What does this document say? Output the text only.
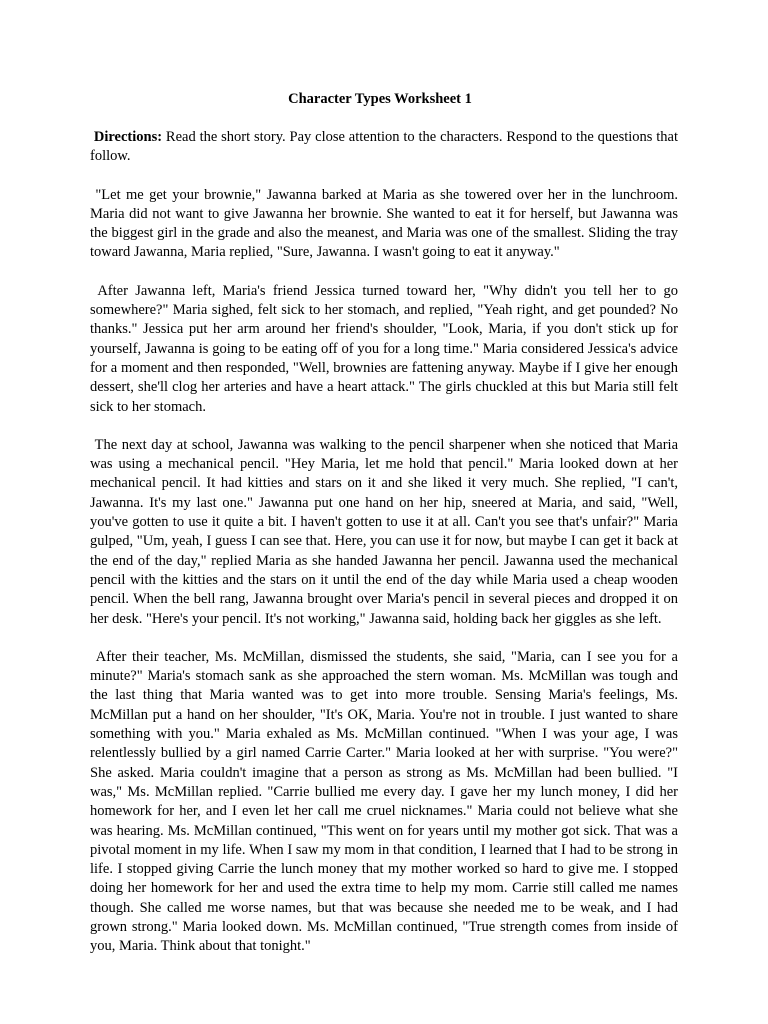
Character Types Worksheet 1
Directions: Read the short story. Pay close attention to the characters. Respond to the questions that follow.
"Let me get your brownie," Jawanna barked at Maria as she towered over her in the lunchroom. Maria did not want to give Jawanna her brownie. She wanted to eat it for herself, but Jawanna was the biggest girl in the grade and also the meanest, and Maria was one of the smallest. Sliding the tray toward Jawanna, Maria replied, "Sure, Jawanna. I wasn't going to eat it anyway."
After Jawanna left, Maria's friend Jessica turned toward her, "Why didn't you tell her to go somewhere?" Maria sighed, felt sick to her stomach, and replied, "Yeah right, and get pounded? No thanks." Jessica put her arm around her friend's shoulder, "Look, Maria, if you don't stick up for yourself, Jawanna is going to be eating off of you for a long time." Maria considered Jessica's advice for a moment and then responded, "Well, brownies are fattening anyway. Maybe if I give her enough dessert, she'll clog her arteries and have a heart attack." The girls chuckled at this but Maria still felt sick to her stomach.
The next day at school, Jawanna was walking to the pencil sharpener when she noticed that Maria was using a mechanical pencil. "Hey Maria, let me hold that pencil." Maria looked down at her mechanical pencil. It had kitties and stars on it and she liked it very much. She replied, "I can't, Jawanna. It's my last one." Jawanna put one hand on her hip, sneered at Maria, and said, "Well, you've gotten to use it quite a bit. I haven't gotten to use it at all. Can't you see that's unfair?" Maria gulped, "Um, yeah, I guess I can see that. Here, you can use it for now, but maybe I can get it back at the end of the day," replied Maria as she handed Jawanna her pencil. Jawanna used the mechanical pencil with the kitties and the stars on it until the end of the day while Maria used a cheap wooden pencil. When the bell rang, Jawanna brought over Maria's pencil in several pieces and dropped it on her desk. "Here's your pencil. It's not working," Jawanna said, holding back her giggles as she left.
After their teacher, Ms. McMillan, dismissed the students, she said, "Maria, can I see you for a minute?" Maria's stomach sank as she approached the stern woman. Ms. McMillan was tough and the last thing that Maria wanted was to get into more trouble. Sensing Maria's feelings, Ms. McMillan put a hand on her shoulder, "It's OK, Maria. You're not in trouble. I just wanted to share something with you." Maria exhaled as Ms. McMillan continued. "When I was your age, I was relentlessly bullied by a girl named Carrie Carter." Maria looked at her with surprise. "You were?" She asked. Maria couldn't imagine that a person as strong as Ms. McMillan had been bullied. "I was," Ms. McMillan replied. "Carrie bullied me every day. I gave her my lunch money, I did her homework for her, and I even let her call me cruel nicknames." Maria could not believe what she was hearing. Ms. McMillan continued, "This went on for years until my mother got sick. That was a pivotal moment in my life. When I saw my mom in that condition, I learned that I had to be strong in life. I stopped giving Carrie the lunch money that my mother worked so hard to give me. I stopped doing her homework for her and used the extra time to help my mom. Carrie still called me names though. She called me worse names, but that was because she needed me to be weak, and I had grown strong." Maria looked down. Ms. McMillan continued, "True strength comes from inside of you, Maria. Think about that tonight."
